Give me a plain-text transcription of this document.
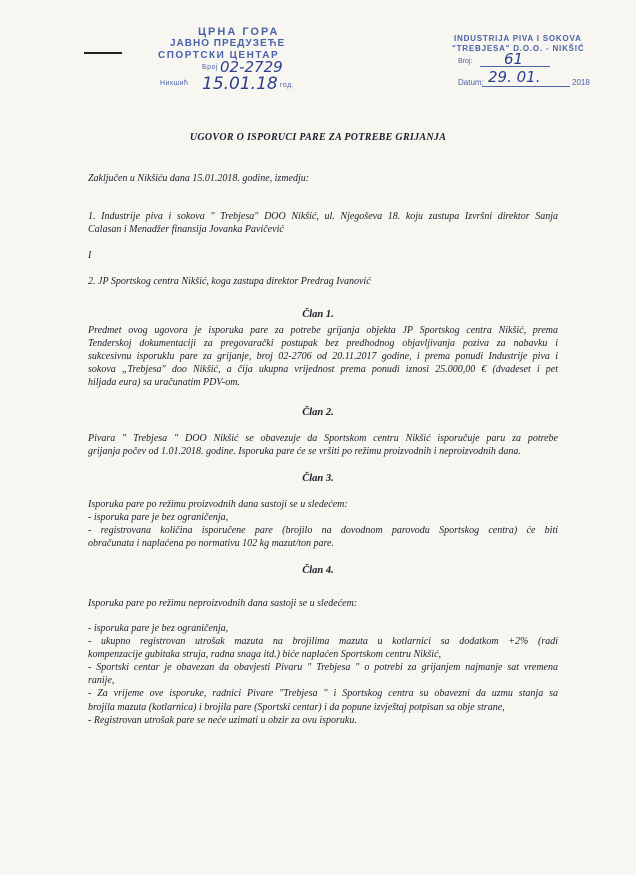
ЦРНА ГОРА
ЈАВНО ПРЕДУЗЕЋЕ
СПОРТСКИ ЦЕНТАР
02-2729
Никшић 15.01.18 год.
Број
INDUSTRIJA PIVA I SOKOVA
"TREBJESA" D.O.O. - NIKŠIĆ
Broj: 61
Datum: 29. 01.	2018
UGOVOR O ISPORUCI PARE ZA POTREBE GRIJANJA
Zaključen u Nikšiću dana 15.01.2018. godine, izmedju:
1. Industrije piva i sokova " Trebjesa" DOO Nikšić, ul. Njegoševa 18. koju zastupa Izvršni direktor Sanja
Calasan i Menadžer finansija Jovanka Pavičević
I
2. JP Sportskog centra Nikšić, koga zastupa direktor Predrag Ivanović
Član 1.
Predmet ovog ugovora je isporuka pare za potrebe grijanja objekta JP Sportskog centra Nikšić, prema
Tenderskoj dokumentaciji za pregovarački postupak bez predhodnog objavljivanja poziva za nabavku i
sukcesivnu isporuklu pare za grijanje, broj 02-2706 od 20.11.2017 godine, i prema ponudi Industrije piva i
sokova „Trebjesa" doo Nikšić, a čija ukupna vrijednost prema ponudi iznosi 25.000,00 € (dvadeset i pet
hiljada eura) sa uračunatim PDV-om.
Član 2.
Pivara " Trebjesa " DOO Nikšić se obavezuje da Sportskom centru Nikšić isporučuje paru za potrebe
grijanja počev od 1.01.2018. godine. Isporuka pare će se vršiti po režimu proizvodnih i neproizvodnih dana.
Član 3.
Isporuka pare po režimu proizvodnih dana sastoji se u sledećem:
- isporuka pare je bez ograničenja,
- registrovana količina isporučene pare (brojilo na dovodnom parovodu Sportskog centra) će biti
obračunata i naplaćena po normativu 102 kg mazut/ton pare.
Član 4.
Isporuka pare po režimu neproizvodnih dana sastoji se u sledećem:
- isporuka pare je bez ograničenja,
- ukupno registrovan utrošak mazuta na brojilima mazuta u kotlarnici sa dodatkom +2% (radi
kompenzacije gubitaka struja, radna snaga itd.) biće naplaćen Sportskom centru Nikšić,
- Sportski centar je obavezan da obavjesti Pivaru " Trebjesa " o potrebi za grijanjem najmanje sat vremena
ranije,
- Za vrijeme ove isporuke, radnici Pivare "Trebjesa " i Sportskog centra su obavezni da uzmu stanja sa
brojila mazuta (kotlarnica) i brojila pare (Sportski centar) i da popune izvještaj potpisan sa obje strane,
- Registrovan utrošak pare se neće uzimati u obzir za ovu isporuku.
